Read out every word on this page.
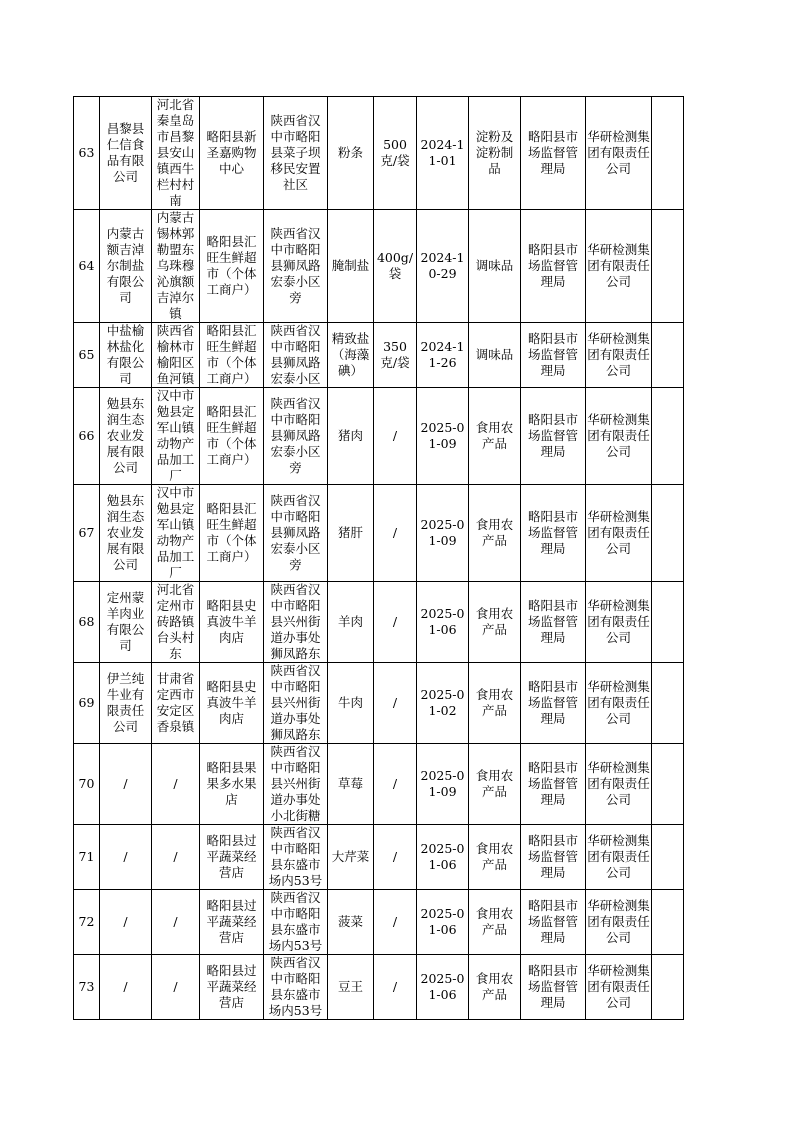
63	昌黎县仁信食品有限公司	河北省秦皇岛市昌黎县安山镇西牛栏村村南	略阳县新圣嘉购物中心	陕西省汉中市略阳县菜子坝移民安置社区	粉条	500克/袋	2024-11-01	淀粉及淀粉制品	略阳县市场监督管理局	华研检测集团有限责任公司	
64	内蒙古额吉淖尔制盐有限公司	内蒙古锡林郭勒盟东乌珠穆沁旗额吉淖尔镇	略阳县汇旺生鲜超市（个体工商户）	陕西省汉中市略阳县狮凤路宏泰小区旁	腌制盐	400g/袋	2024-10-29	调味品	略阳县市场监督管理局	华研检测集团有限责任公司	
65	中盐榆林盐化有限公司	陕西省榆林市榆阳区鱼河镇	略阳县汇旺生鲜超市（个体工商户）	陕西省汉中市略阳县狮凤路宏泰小区	精致盐（海藻碘）	350克/袋	2024-11-26	调味品	略阳县市场监督管理局	华研检测集团有限责任公司	
66	勉县东润生态农业发展有限公司	汉中市勉县定军山镇动物产品加工厂	略阳县汇旺生鲜超市（个体工商户）	陕西省汉中市略阳县狮凤路宏泰小区旁	猪肉	/	2025-01-09	食用农产品	略阳县市场监督管理局	华研检测集团有限责任公司	
67	勉县东润生态农业发展有限公司	汉中市勉县定军山镇动物产品加工厂	略阳县汇旺生鲜超市（个体工商户）	陕西省汉中市略阳县狮凤路宏泰小区旁	猪肝	/	2025-01-09	食用农产品	略阳县市场监督管理局	华研检测集团有限责任公司	
68	定州蒙羊肉业有限公司	河北省定州市砖路镇台头村东	略阳县史真波牛羊肉店	陕西省汉中市略阳县兴州街道办事处狮凤路东	羊肉	/	2025-01-06	食用农产品	略阳县市场监督管理局	华研检测集团有限责任公司	
69	伊兰纯牛业有限责任公司	甘肃省定西市安定区香泉镇	略阳县史真波牛羊肉店	陕西省汉中市略阳县兴州街道办事处狮凤路东	牛肉	/	2025-01-02	食用农产品	略阳县市场监督管理局	华研检测集团有限责任公司	
70	/	/	略阳县果果多水果店	陕西省汉中市略阳县兴州街道办事处小北街糖	草莓	/	2025-01-09	食用农产品	略阳县市场监督管理局	华研检测集团有限责任公司	
71	/	/	略阳县过平蔬菜经营店	陕西省汉中市略阳县东盛市场内53号	大芹菜	/	2025-01-06	食用农产品	略阳县市场监督管理局	华研检测集团有限责任公司	
72	/	/	略阳县过平蔬菜经营店	陕西省汉中市略阳县东盛市场内53号	菠菜	/	2025-01-06	食用农产品	略阳县市场监督管理局	华研检测集团有限责任公司	
73	/	/	略阳县过平蔬菜经营店	陕西省汉中市略阳县东盛市场内53号	豆王	/	2025-01-06	食用农产品	略阳县市场监督管理局	华研检测集团有限责任公司	
